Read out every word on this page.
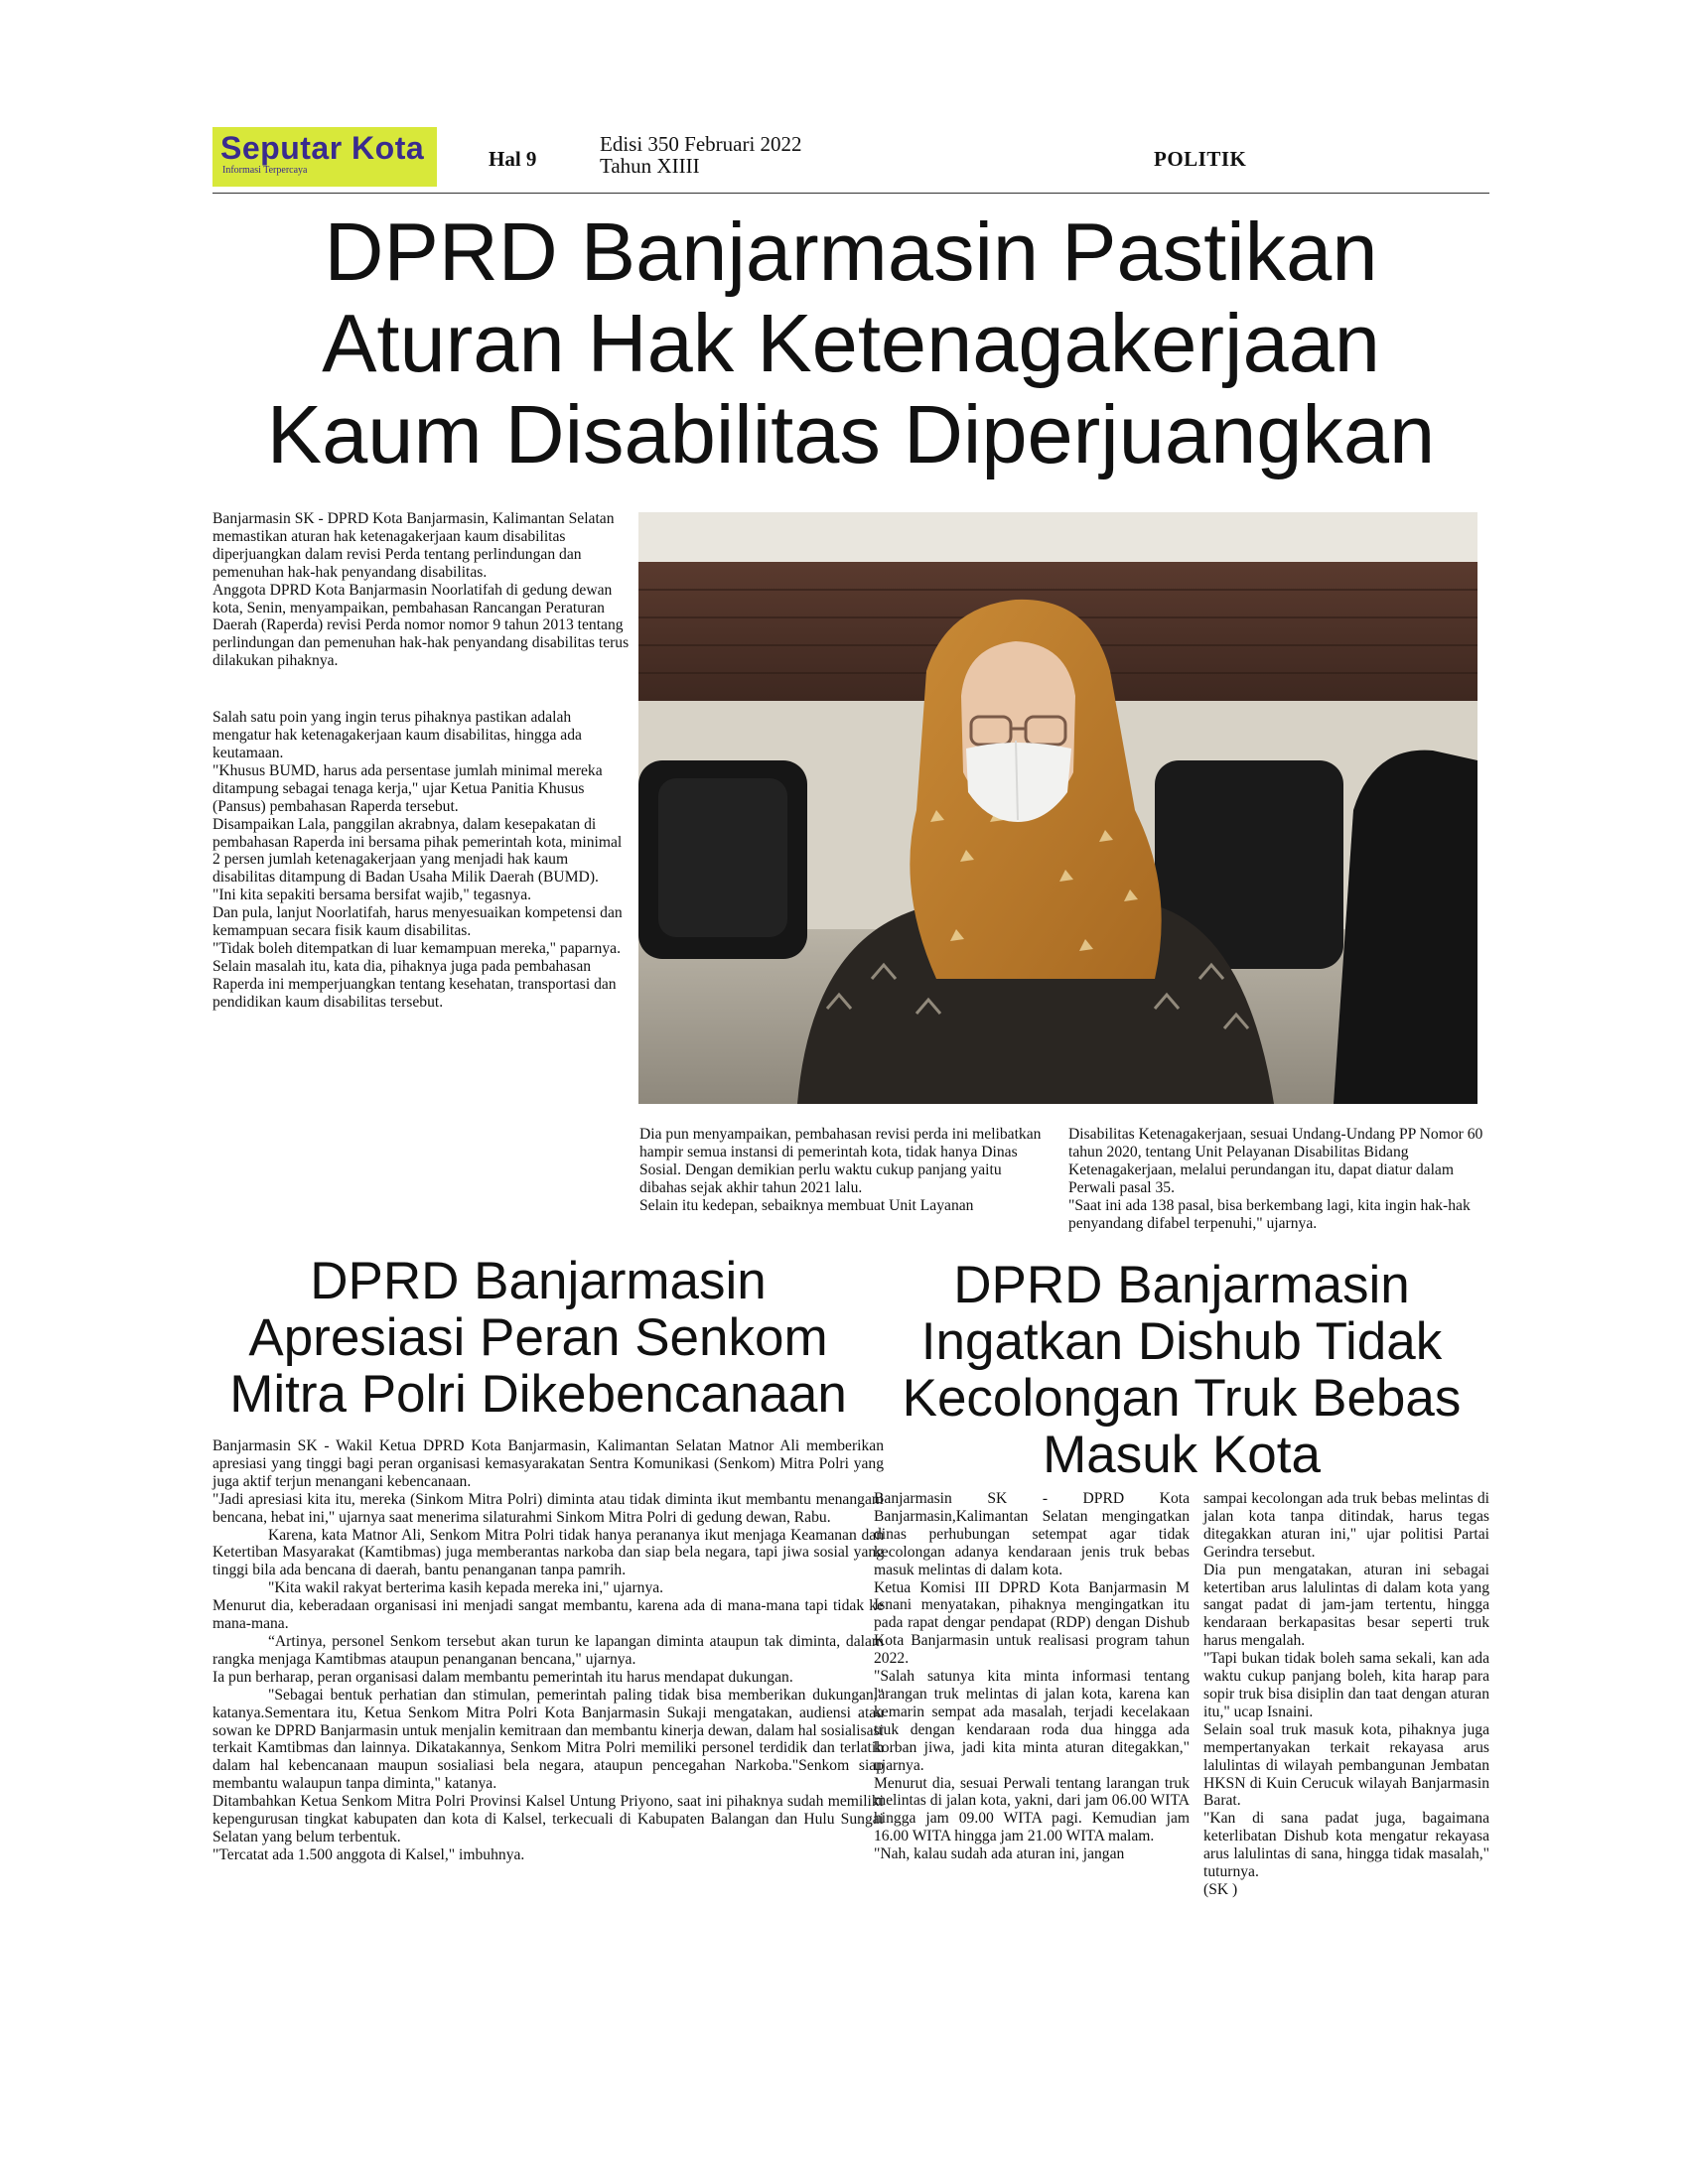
Seputar Kota
Informasi Terpercaya	Hal 9
Edisi 350 Februari 2022
Tahun XIIII	POLITIK
DPRD Banjarmasin Pastikan
Aturan Hak Ketenagakerjaan
Kaum Disabilitas Diperjuangkan

Banjarmasin SK - DPRD Kota Banjarmasin, Kalimantan Selatan memastikan aturan hak ketenagakerjaan kaum disabilitas diperjuangkan dalam revisi Perda tentang perlindungan dan pemenuhan hak-hak penyandang disabilitas.

Anggota DPRD Kota Banjarmasin Noorlatifah di gedung dewan kota, Senin, menyampaikan, pembahasan Rancangan Peraturan Daerah (Raperda) revisi Perda nomor nomor 9 tahun 2013 tentang perlindungan dan pemenuhan hak-hak penyandang disabilitas terus dilakukan pihaknya.

Salah satu poin yang ingin terus pihaknya pastikan adalah mengatur hak ketenagakerjaan kaum disabilitas, hingga ada keutamaan.

"Khusus BUMD, harus ada persentase jumlah minimal mereka ditampung sebagai tenaga kerja," ujar Ketua Panitia Khusus (Pansus) pembahasan Raperda tersebut.

Disampaikan Lala, panggilan akrabnya, dalam kesepakatan di pembahasan Raperda ini bersama pihak pemerintah kota, minimal 2 persen jumlah ketenagakerjaan yang menjadi hak kaum disabilitas ditampung di Badan Usaha Milik Daerah (BUMD).

"Ini kita sepakiti bersama bersifat wajib," tegasnya.

Dan pula, lanjut Noorlatifah, harus menyesuaikan kompetensi dan kemampuan secara fisik kaum disabilitas.

"Tidak boleh ditempatkan di luar kemampuan mereka," paparnya.

Selain masalah itu, kata dia, pihaknya juga pada pembahasan Raperda ini memperjuangkan tentang kesehatan, transportasi dan pendidikan kaum disabilitas tersebut.

Dia pun menyampaikan, pembahasan revisi perda ini melibatkan hampir semua instansi di pemerintah kota, tidak hanya Dinas Sosial. Dengan demikian perlu waktu cukup panjang yaitu dibahas sejak akhir tahun 2021 lalu.

Selain itu kedepan, sebaiknya membuat Unit Layanan

Disabilitas Ketenagakerjaan, sesuai Undang-Undang PP Nomor 60 tahun 2020, tentang Unit Pelayanan Disabilitas Bidang Ketenagakerjaan, melalui perundangan itu, dapat diatur dalam Perwali pasal 35.

"Saat ini ada 138 pasal, bisa berkembang lagi, kita ingin hak-hak penyandang difabel terpenuhi," ujarnya.

DPRD Banjarmasin
Apresiasi Peran Senkom
Mitra Polri Dikebencanaan

Banjarmasin SK - Wakil Ketua DPRD Kota Banjarmasin, Kalimantan Selatan Matnor Ali memberikan apresiasi yang tinggi bagi peran organisasi kemasyarakatan Sentra Komunikasi (Senkom) Mitra Polri yang juga aktif terjun menangani kebencanaan.

"Jadi apresiasi kita itu, mereka (Sinkom Mitra Polri) diminta atau tidak diminta ikut membantu menangani bencana, hebat ini," ujarnya saat menerima silaturahmi Sinkom Mitra Polri di gedung dewan, Rabu.

Karena, kata Matnor Ali, Senkom Mitra Polri tidak hanya perananya ikut menjaga Keamanan dan Ketertiban Masyarakat (Kamtibmas) juga memberantas narkoba dan siap bela negara, tapi jiwa sosial yang tinggi bila ada bencana di daerah, bantu penanganan tanpa pamrih.

"Kita wakil rakyat berterima kasih kepada mereka ini," ujarnya.

Menurut dia, keberadaan organisasi ini menjadi sangat membantu, karena ada di mana-mana tapi tidak ke mana-mana.

“Artinya, personel Senkom tersebut akan turun ke lapangan diminta ataupun tak diminta, dalam rangka menjaga Kamtibmas ataupun penanganan bencana," ujarnya.

Ia pun berharap, peran organisasi dalam membantu pemerintah itu harus mendapat dukungan.

"Sebagai bentuk perhatian dan stimulan, pemerintah paling tidak bisa memberikan dukungan," katanya.Sementara itu, Ketua Senkom Mitra Polri Kota Banjarmasin Sukaji mengatakan, audiensi atau sowan ke DPRD Banjarmasin untuk menjalin kemitraan dan membantu kinerja dewan, dalam hal sosialisasi terkait Kamtibmas dan lainnya. Dikatakannya, Senkom Mitra Polri memiliki personel terdidik dan terlatih dalam hal kebencanaan maupun sosialiasi bela negara, ataupun pencegahan Narkoba."Senkom siap membantu walaupun tanpa diminta," katanya.

Ditambahkan Ketua Senkom Mitra Polri Provinsi Kalsel Untung Priyono, saat ini pihaknya sudah memiliki kepengurusan tingkat kabupaten dan kota di Kalsel, terkecuali di Kabupaten Balangan dan Hulu Sungai Selatan yang belum terbentuk.

"Tercatat ada 1.500 anggota di Kalsel," imbuhnya.

DPRD Banjarmasin
Ingatkan Dishub Tidak
Kecolongan Truk Bebas
Masuk Kota

Banjarmasin SK - DPRD Kota Banjarmasin,Kalimantan Selatan mengingatkan dinas perhubungan setempat agar tidak kecolongan adanya kendaraan jenis truk bebas masuk melintas di dalam kota.

Ketua Komisi III DPRD Kota Banjarmasin M Isnani menyatakan, pihaknya mengingatkan itu pada rapat dengar pendapat (RDP) dengan Dishub Kota Banjarmasin untuk realisasi program tahun 2022.

"Salah satunya kita minta informasi tentang larangan truk melintas di jalan kota, karena kan kemarin sempat ada masalah, terjadi kecelakaan truk dengan kendaraan roda dua hingga ada korban jiwa, jadi kita minta aturan ditegakkan," ujarnya.

Menurut dia, sesuai Perwali tentang larangan truk melintas di jalan kota, yakni, dari jam 06.00 WITA hingga jam 09.00 WITA pagi. Kemudian jam 16.00 WITA hingga jam 21.00 WITA malam.

"Nah, kalau sudah ada aturan ini, jangan

sampai kecolongan ada truk bebas melintas di jalan kota tanpa ditindak, harus tegas ditegakkan aturan ini," ujar politisi Partai Gerindra tersebut.

Dia pun mengatakan, aturan ini sebagai ketertiban arus lalulintas di dalam kota yang sangat padat di jam-jam tertentu, hingga kendaraan berkapasitas besar seperti truk harus mengalah.

"Tapi bukan tidak boleh sama sekali, kan ada waktu cukup panjang boleh, kita harap para sopir truk bisa disiplin dan taat dengan aturan itu," ucap Isnaini.

Selain soal truk masuk kota, pihaknya juga mempertanyakan terkait rekayasa arus lalulintas di wilayah pembangunan Jembatan HKSN di Kuin Cerucuk wilayah Banjarmasin Barat.

"Kan di sana padat juga, bagaimana keterlibatan Dishub kota mengatur rekayasa arus lalulintas di sana, hingga tidak masalah," tuturnya.

(SK )
